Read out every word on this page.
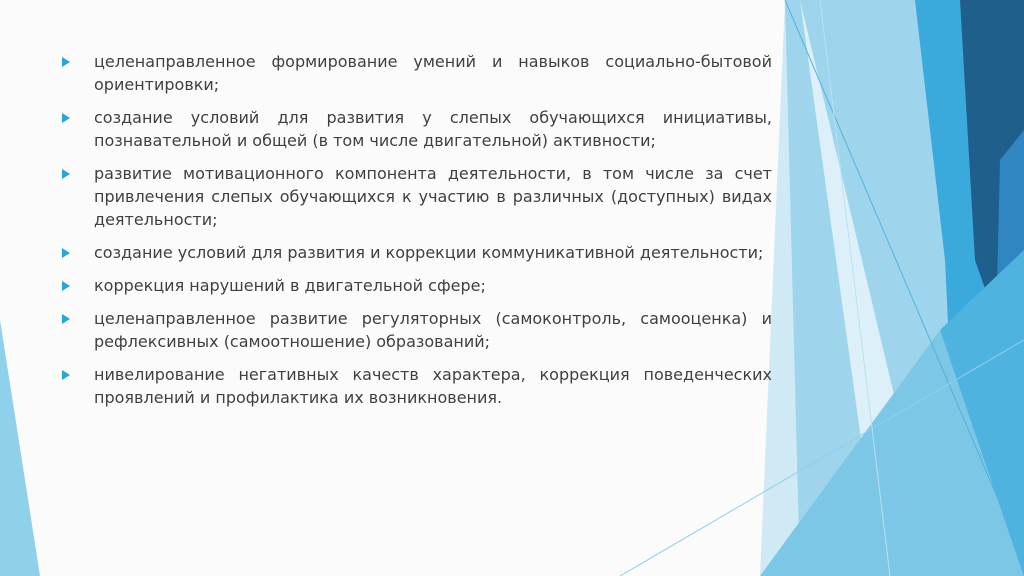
целенаправленное формирование умений и навыков социально-бытовой ориентировки;
создание условий для развития у слепых обучающихся инициативы, познавательной и общей (в том числе двигательной) активности;
развитие мотивационного компонента деятельности, в том числе за счет привлечения слепых обучающихся к участию в различных (доступных) видах деятельности;
создание условий для развития и коррекции коммуникативной деятельности;
коррекция нарушений в двигательной сфере;
целенаправленное развитие регуляторных (самоконтроль, самооценка) и рефлексивных (самоотношение) образований;
нивелирование негативных качеств характера, коррекция поведенческих проявлений и профилактика их возникновения.
